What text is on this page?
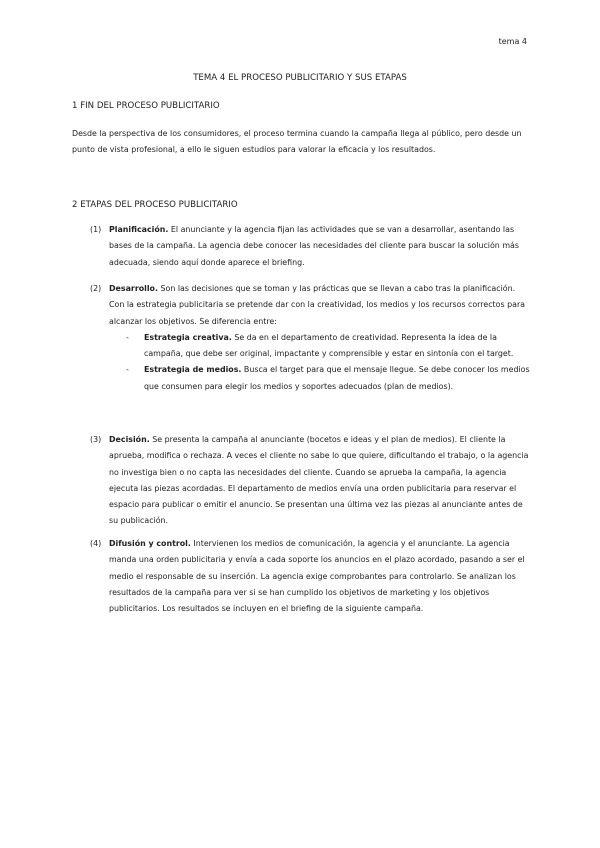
tema 4
TEMA 4 EL PROCESO PUBLICITARIO Y SUS ETAPAS
1 FIN DEL PROCESO PUBLICITARIO
Desde la perspectiva de los consumidores, el proceso termina cuando la campaña llega al público, pero desde un punto de vista profesional, a ello le siguen estudios para valorar la eficacia y los resultados.
2 ETAPAS DEL PROCESO PUBLICITARIO
(1) Planificación. El anunciante y la agencia fijan las actividades que se van a desarrollar, asentando las bases de la campaña. La agencia debe conocer las necesidades del cliente para buscar la solución más adecuada, siendo aquí donde aparece el briefing.
(2) Desarrollo. Son las decisiones que se toman y las prácticas que se llevan a cabo tras la planificación. Con la estrategia publicitaria se pretende dar con la creatividad, los medios y los recursos correctos para alcanzar los objetivos. Se diferencia entre:
- Estrategia creativa. Se da en el departamento de creatividad. Representa la idea de la campaña, que debe ser original, impactante y comprensible y estar en sintonía con el target.
- Estrategia de medios. Busca el target para que el mensaje llegue. Se debe conocer los medios que consumen para elegir los medios y soportes adecuados (plan de medios).
(3) Decisión. Se presenta la campaña al anunciante (bocetos e ideas y el plan de medios). El cliente la aprueba, modifica o rechaza. A veces el cliente no sabe lo que quiere, dificultando el trabajo, o la agencia no investiga bien o no capta las necesidades del cliente. Cuando se aprueba la campaña, la agencia ejecuta las piezas acordadas. El departamento de medios envía una orden publicitaria para reservar el espacio para publicar o emitir el anuncio. Se presentan una última vez las piezas al anunciante antes de su publicación.
(4) Difusión y control. Intervienen los medios de comunicación, la agencia y el anunciante. La agencia manda una orden publicitaria y envía a cada soporte los anuncios en el plazo acordado, pasando a ser el medio el responsable de su inserción. La agencia exige comprobantes para controlarlo. Se analizan los resultados de la campaña para ver si se han cumplido los objetivos de marketing y los objetivos publicitarios. Los resultados se incluyen en el briefing de la siguiente campaña.
